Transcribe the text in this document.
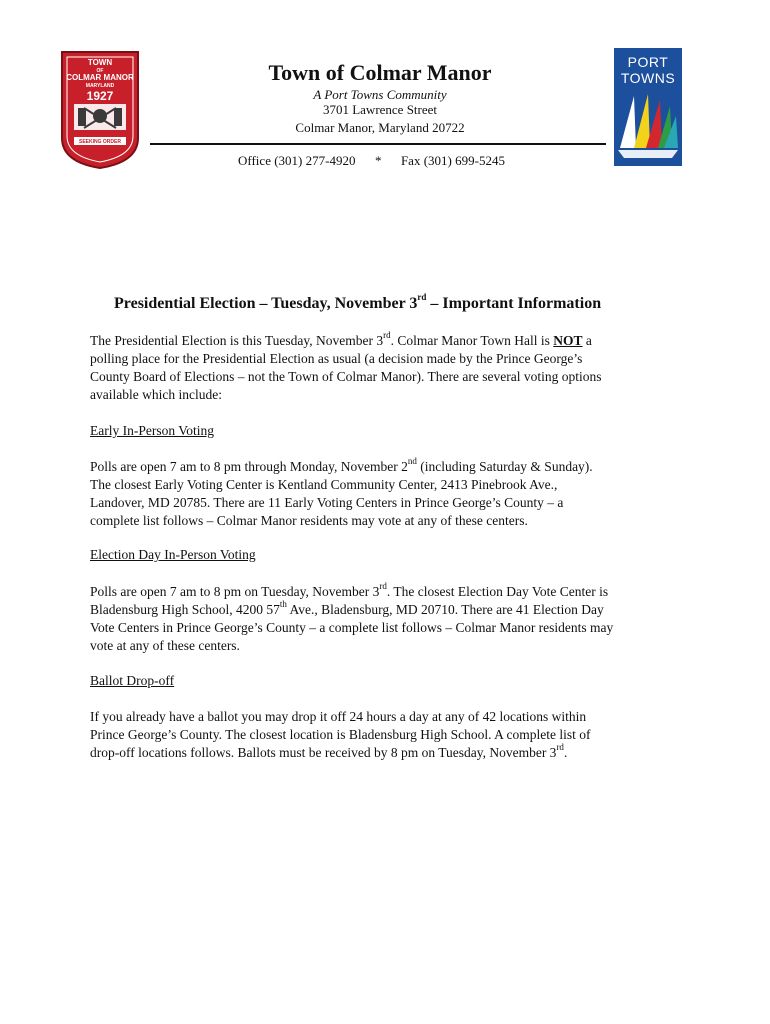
TOWN
OF
COLMAR MANOR
MARYLAND
1927
SEEKING ORDER
PORT
TOWNS
Town of Colmar Manor
A Port Towns Community
3701 Lawrence Street
Colmar Manor, Maryland 20722
Office (301) 277-4920 * Fax (301) 699-5245
Presidential Election – Tuesday, November 3rd – Important Information

The Presidential Election is this Tuesday, November 3rd. Colmar Manor Town Hall is NOT a

polling place for the Presidential Election as usual (a decision made by the Prince George’s

County Board of Elections – not the Town of Colmar Manor). There are several voting options

available which include:

Early In-Person Voting

Polls are open 7 am to 8 pm through Monday, November 2nd (including Saturday & Sunday).

The closest Early Voting Center is Kentland Community Center, 2413 Pinebrook Ave.,

Landover, MD 20785. There are 11 Early Voting Centers in Prince George’s County – a

complete list follows – Colmar Manor residents may vote at any of these centers.

Election Day In-Person Voting

Polls are open 7 am to 8 pm on Tuesday, November 3rd. The closest Election Day Vote Center is

Bladensburg High School, 4200 57th Ave., Bladensburg, MD 20710. There are 41 Election Day

Vote Centers in Prince George’s County – a complete list follows – Colmar Manor residents may

vote at any of these centers.

Ballot Drop-off

If you already have a ballot you may drop it off 24 hours a day at any of 42 locations within

Prince George’s County. The closest location is Bladensburg High School. A complete list of

drop-off locations follows. Ballots must be received by 8 pm on Tuesday, November 3rd.
